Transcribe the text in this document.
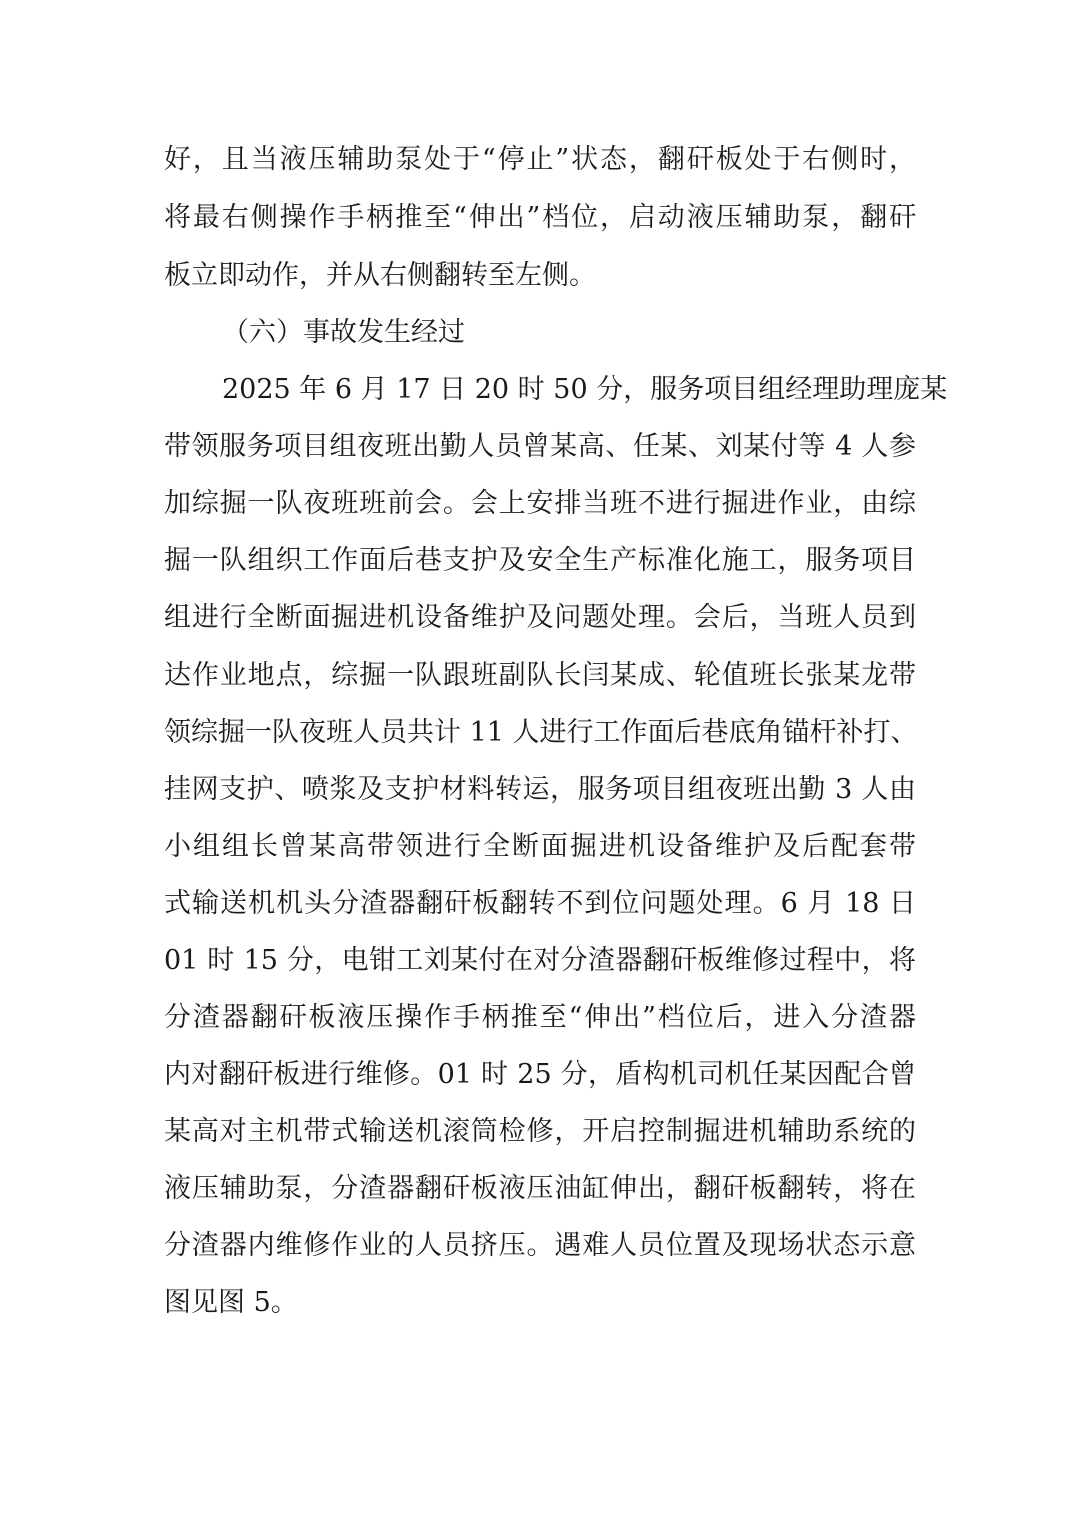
好，且当液压辅助泵处于“停止”状态，翻矸板处于右侧时，
将最右侧操作手柄推至“伸出”档位，启动液压辅助泵，翻矸
板立即动作，并从右侧翻转至左侧。
（六）事故发生经过
2025 年 6 月 17 日 20 时 50 分，服务项目组经理助理庞某
带领服务项目组夜班出勤人员曾某高、任某、刘某付等 4 人参
加综掘一队夜班班前会。会上安排当班不进行掘进作业，由综
掘一队组织工作面后巷支护及安全生产标准化施工，服务项目
组进行全断面掘进机设备维护及问题处理。会后，当班人员到
达作业地点，综掘一队跟班副队长闫某成、轮值班长张某龙带
领综掘一队夜班人员共计 11 人进行工作面后巷底角锚杆补打、
挂网支护、喷浆及支护材料转运，服务项目组夜班出勤 3 人由
小组组长曾某高带领进行全断面掘进机设备维护及后配套带
式输送机机头分渣器翻矸板翻转不到位问题处理。6 月 18 日
01 时 15 分，电钳工刘某付在对分渣器翻矸板维修过程中，将
分渣器翻矸板液压操作手柄推至“伸出”档位后，进入分渣器
内对翻矸板进行维修。01 时 25 分，盾构机司机任某因配合曾
某高对主机带式输送机滚筒检修，开启控制掘进机辅助系统的
液压辅助泵，分渣器翻矸板液压油缸伸出，翻矸板翻转，将在
分渣器内维修作业的人员挤压。遇难人员位置及现场状态示意
图见图 5。
